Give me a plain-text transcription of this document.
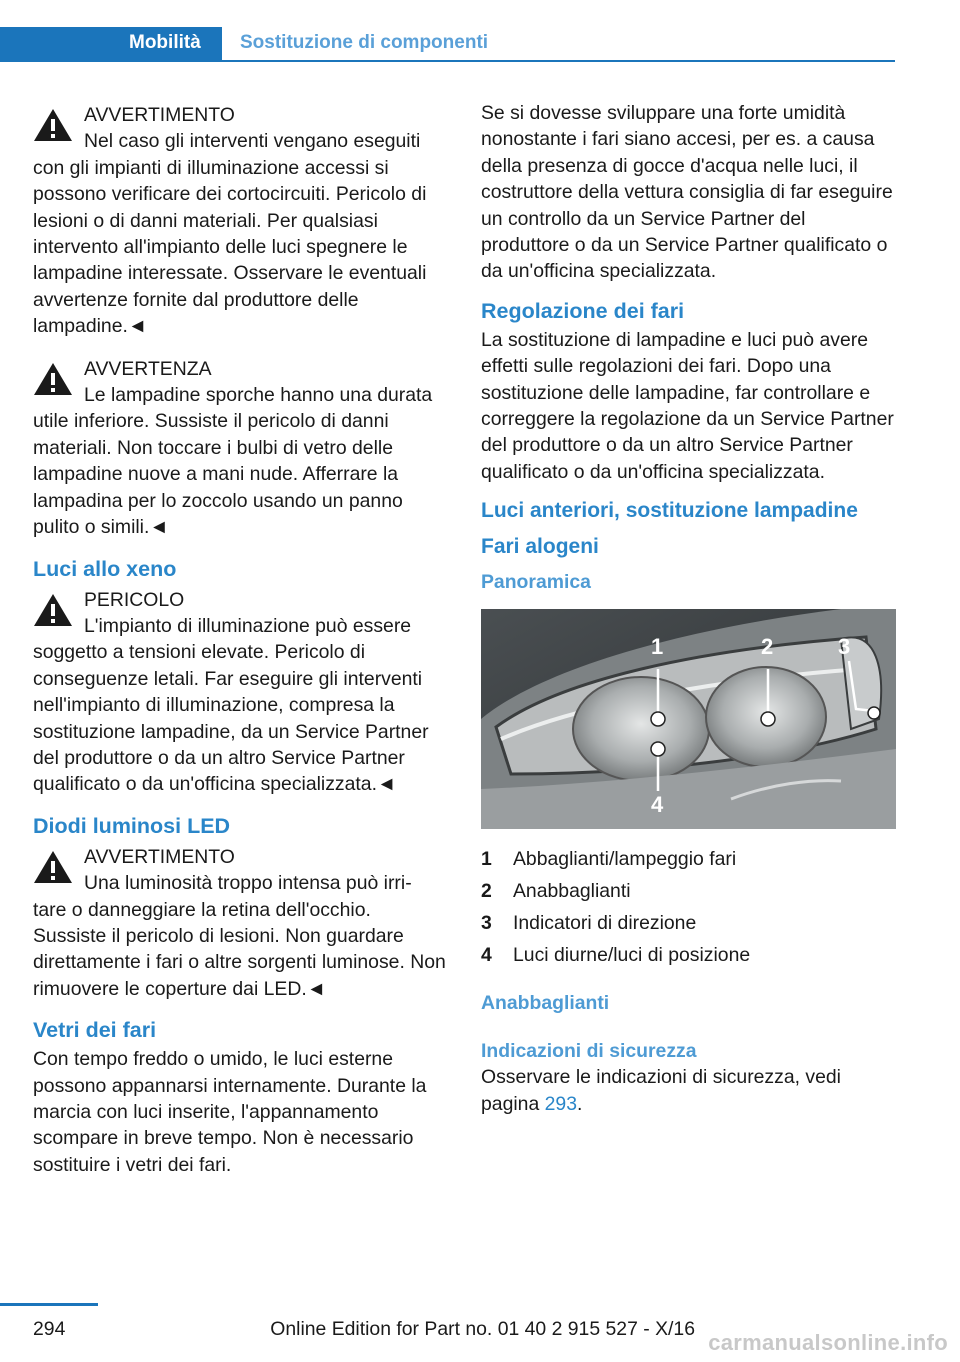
Mobilità	Sostituzione di componenti
AVVERTIMENTO
Nel caso gli interventi vengano eseguiti
con gli impianti di illuminazione accessi si possono verificare dei cortocircuiti. Pericolo di lesioni o di danni materiali. Per qualsiasi intervento all'impianto delle luci spegnere le lampadine interessate. Osservare le eventuali avvertenze fornite dal produttore delle lampadine.◄
AVVERTENZA
Le lampadine sporche hanno una durata
utile inferiore. Sussiste il pericolo di danni materiali. Non toccare i bulbi di vetro delle lampadine nuove a mani nude. Afferrare la lampadina per lo zoccolo usando un panno pulito o simili.◄
Luci allo xeno
PERICOLO
L'impianto di illuminazione può essere
soggetto a tensioni elevate. Pericolo di conseguenze letali. Far eseguire gli interventi nell'impianto di illuminazione, compresa la sostituzione lampadine, da un Service Partner del produttore o da un altro Service Partner qualificato o da un'officina specializzata.◄
Diodi luminosi LED
AVVERTIMENTO
Una luminosità troppo intensa può irri-
tare o danneggiare la retina dell'occhio. Sussiste il pericolo di lesioni. Non guardare direttamente i fari o altre sorgenti luminose. Non rimuovere le coperture dai LED.◄
Vetri dei fari

Con tempo freddo o umido, le luci esterne possono appannarsi internamente. Durante la marcia con luci inserite, l'appannamento scompare in breve tempo. Non è necessario sostituire i vetri dei fari.

Se si dovesse sviluppare una forte umidità nonostante i fari siano accesi, per es. a causa della presenza di gocce d'acqua nelle luci, il costruttore della vettura consiglia di far eseguire un controllo da un Service Partner del produttore o da un Service Partner qualificato o da un'officina specializzata.

Regolazione dei fari

La sostituzione di lampadine e luci può avere effetti sulle regolazioni dei fari. Dopo una sostituzione delle lampadine, far controllare e correggere la regolazione da un Service Partner del produttore o da un altro Service Partner qualificato o da un'officina specializzata.

Luci anteriori, sostituzione lampadine
Fari alogeni
Panoramica
1	2	3
4
1	Abbaglianti/lampeggio fari
2	Anabbaglianti
3	Indicatori di direzione
4	Luci diurne/luci di posizione
Anabbaglianti
Indicazioni di sicurezza

Osservare le indicazioni di sicurezza, vedi pagina 293.

294	Online Edition for Part no. 01 40 2 915 527 - X/16
carmanualsonline.info
